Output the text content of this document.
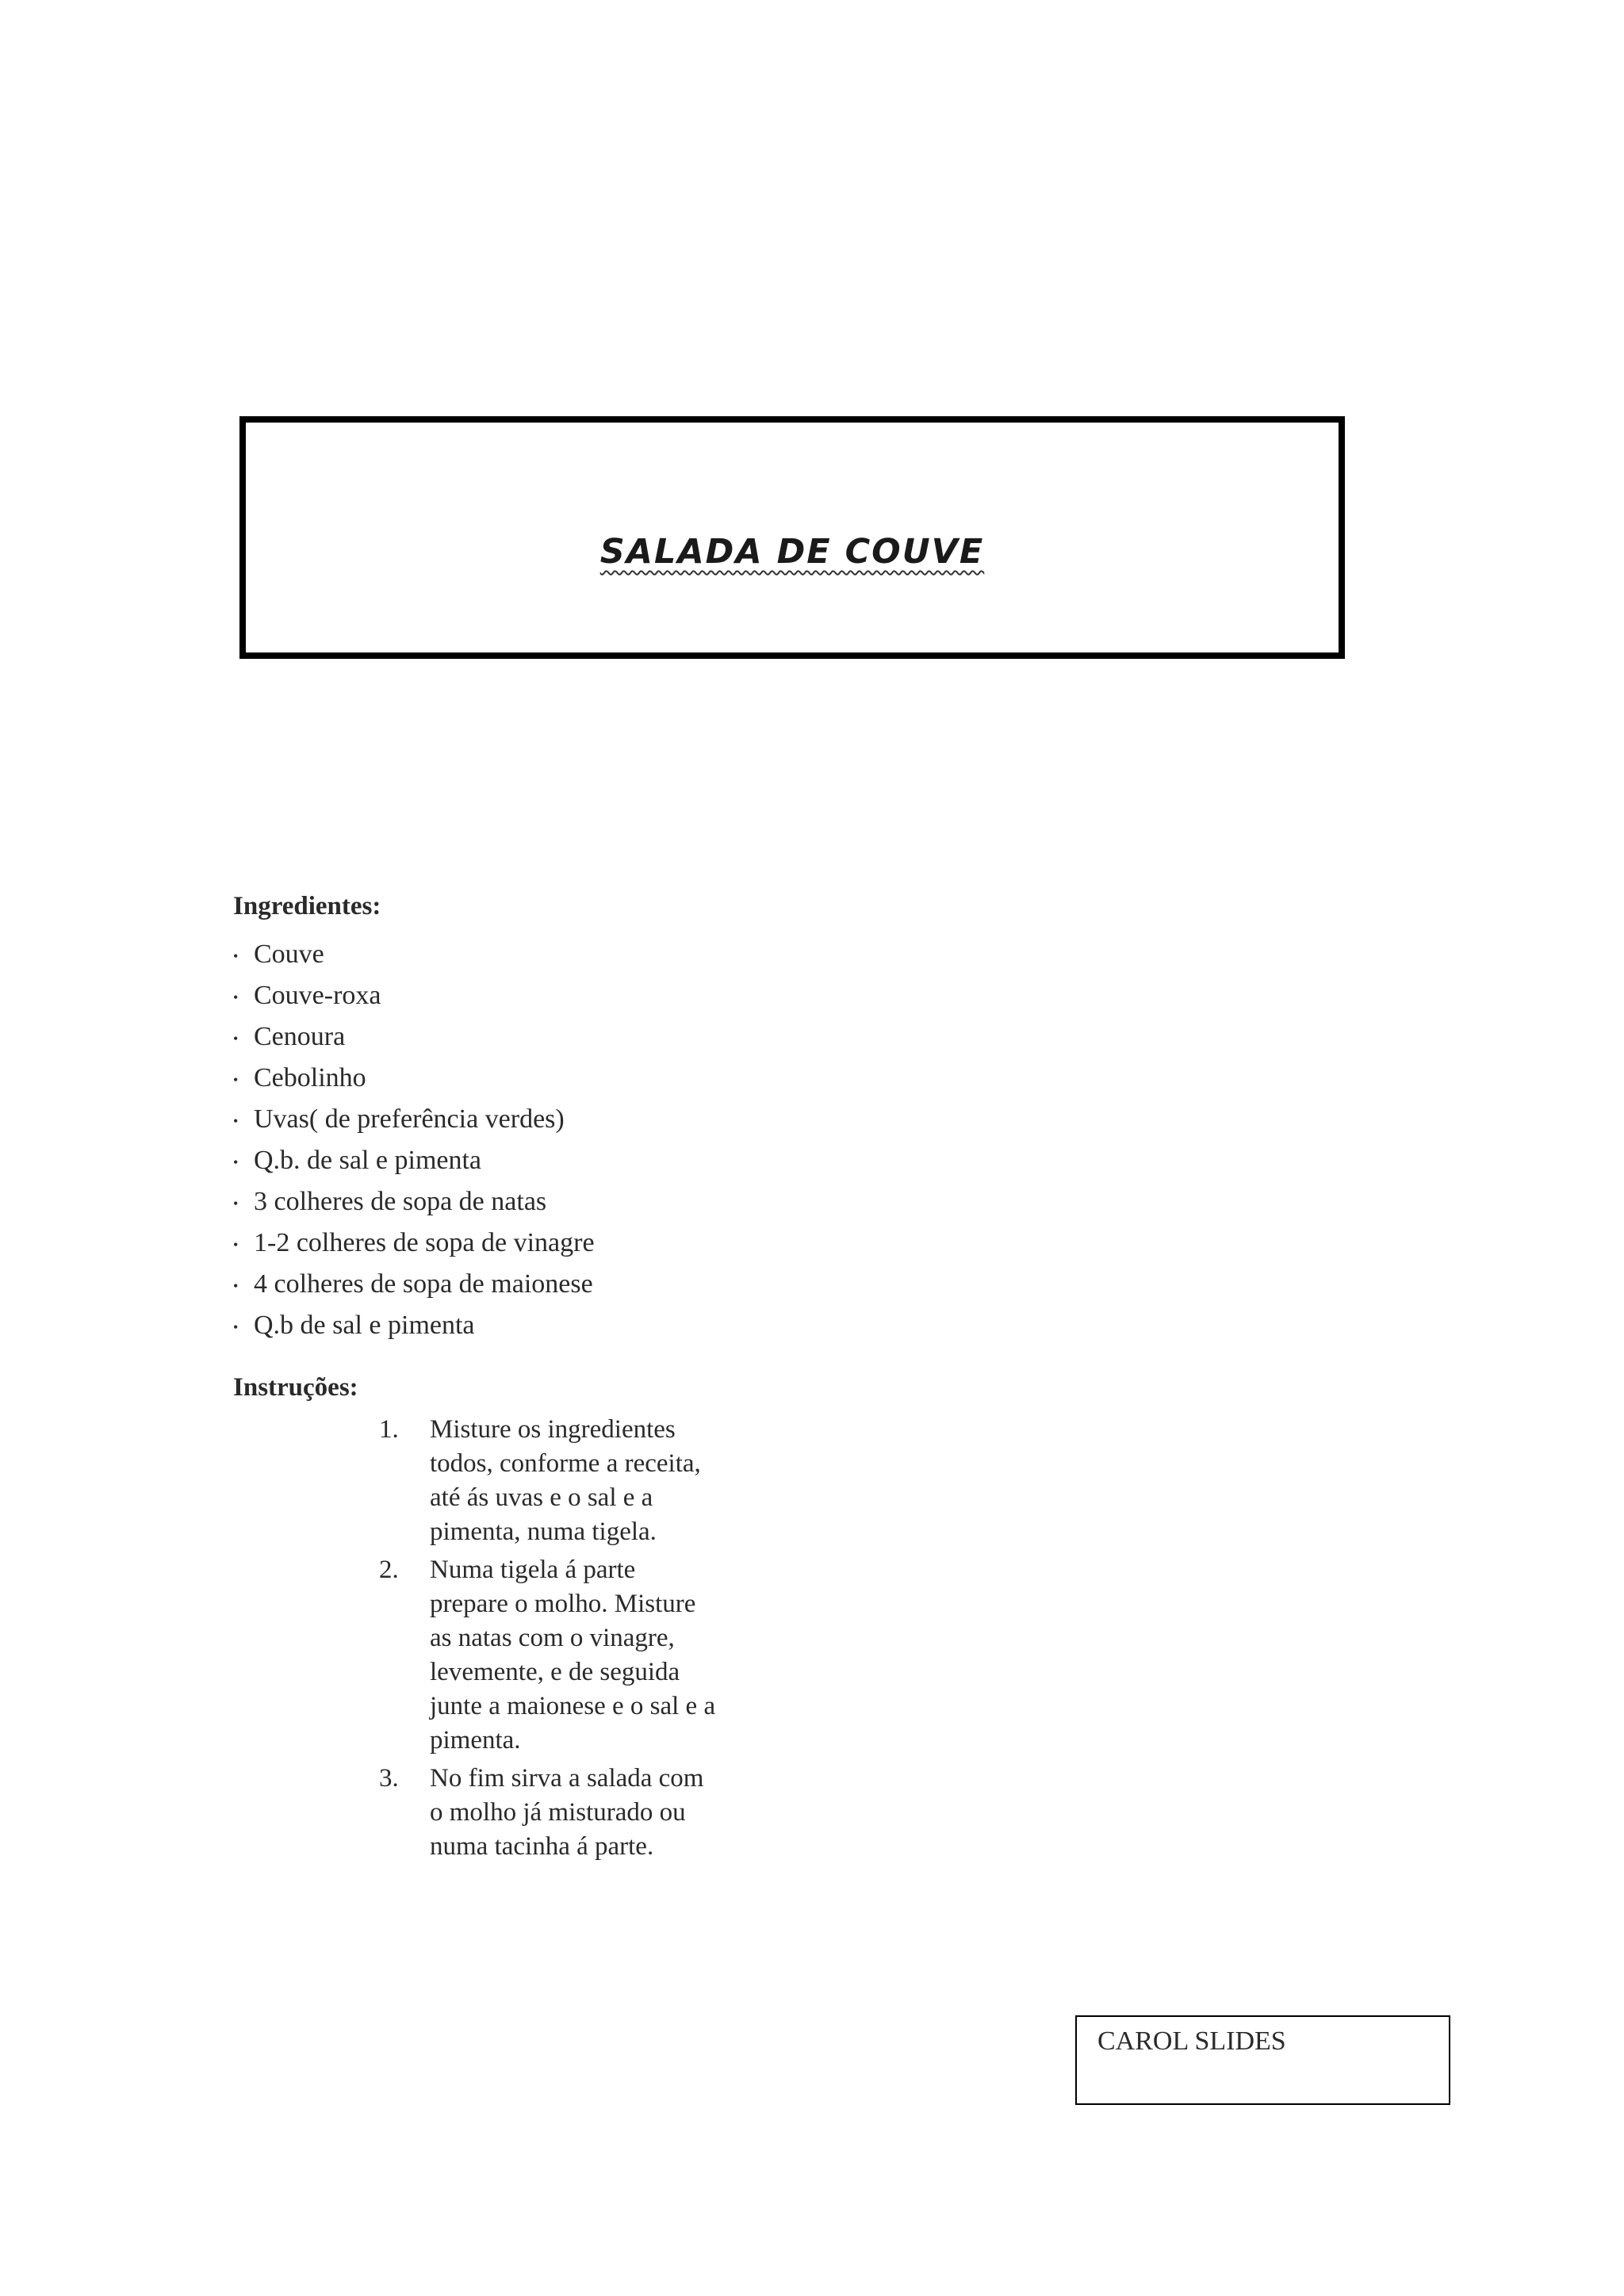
SALADA DE COUVE
Ingredientes:
• Couve
• Couve-roxa
• Cenoura
• Cebolinho
• Uvas( de preferência verdes)
• Q.b. de sal e pimenta
• 3 colheres de sopa de natas
• 1-2 colheres de sopa de vinagre
• 4 colheres de sopa de maionese
• Q.b de sal e pimenta
Instruções:
1. Misture os ingredientes
todos, conforme a receita,
até ás uvas e o sal e a
pimenta, numa tigela.
2. Numa tigela á parte
prepare o molho. Misture
as natas com o vinagre,
levemente, e de seguida
junte a maionese e o sal e a
pimenta.
3. No fim sirva a salada com
o molho já misturado ou
numa tacinha á parte.
CAROL SLIDES
